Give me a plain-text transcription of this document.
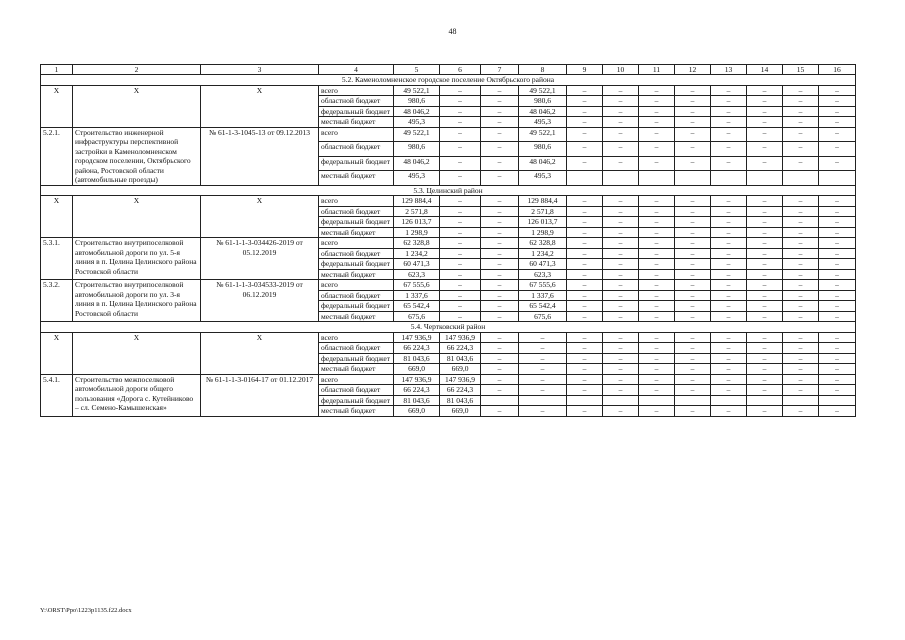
48
1	2	3	4	5	6	7	8	9	10	11	12	13	14	15	16
5.2. Каменоломненское городское поселение Октябрьского района															
X	X	X	всего	49 522,1	–	–	49 522,1	–	–	–	–	–	–	–	–
			областной бюджет	980,6	–	–	980,6	–	–	–	–	–	–	–	–
			федеральный бюджет	48 046,2	–	–	48 046,2	–	–	–	–	–	–	–	–
			местный бюджет	495,3	–	–	495,3	–	–	–	–	–	–	–	–
5.2.1.	Строительство инженерной инфраструктуры перспективной застройки в Каменоломненском городском поселении, Октябрьского района, Ростовской области (автомобильные проезды)	№ 61-1-3-1045-13 от 09.12.2013	всего	49 522,1	–	–	49 522,1	–	–	–	–	–	–	–	–
			областной бюджет	980,6	–	–	980,6	–	–	–	–	–	–	–	–
			федеральный бюджет	48 046,2	–	–	48 046,2	–	–	–	–	–	–	–	–
			местный бюджет	495,3	–	–	495,3								
5.3. Целинский район															
X	X	X	всего	129 884,4	–	–	129 884,4	–	–	–	–	–	–	–	–
			областной бюджет	2 571,8	–	–	2 571,8	–	–	–	–	–	–	–	–
			федеральный бюджет	126 013,7	–	–	126 013,7	–	–	–	–	–	–	–	–
			местный бюджет	1 298,9	–	–	1 298,9	–	–	–	–	–	–	–	–
5.3.1.	Строительство внутрипоселковой автомобильной дороги по ул. 5-я линия в п. Целина Целинского района Ростовской области	№ 61-1-1-3-034426-2019 от 05.12.2019	всего	62 328,8	–	–	62 328,8	–	–	–	–	–	–	–	–
			областной бюджет	1 234,2	–	–	1 234,2	–	–	–	–	–	–	–	–
			федеральный бюджет	60 471,3	–	–	60 471,3	–	–	–	–	–	–	–	–
			местный бюджет	623,3	–	–	623,3	–	–	–	–	–	–	–	–
5.3.2.	Строительство внутрипоселковой автомобильной дороги по ул. 3-я линия в п. Целина Целинского района Ростовской области	№ 61-1-1-3-034533-2019 от 06.12.2019	всего	67 555,6	–	–	67 555,6	–	–	–	–	–	–	–	–
			областной бюджет	1 337,6	–	–	1 337,6	–	–	–	–	–	–	–	–
			федеральный бюджет	65 542,4	–	–	65 542,4	–	–	–	–	–	–	–	–
			местный бюджет	675,6	–	–	675,6	–	–	–	–	–	–	–	–
5.4. Чертковский район															
X	X	X	всего	147 936,9	147 936,9	–	–	–	–	–	–	–	–	–	–
			областной бюджет	66 224,3	66 224,3	–	–	–	–	–	–	–	–	–	–
			федеральный бюджет	81 043,6	81 043,6	–	–	–	–	–	–	–	–	–	–
			местный бюджет	669,0	669,0	–	–	–	–	–	–	–	–	–	–
5.4.1.	Строительство межпоселковой автомобильной дороги общего пользования «Дорога с. Кутейниково – сл. Семено-Камышенская»	№ 61-1-1-3-0164-17 от 01.12.2017	всего	147 936,9	147 936,9	–	–	–	–	–	–	–	–	–	–
			областной бюджет	66 224,3	66 224,3	–	–	–	–	–	–	–	–	–	–
			федеральный бюджет	81 043,6	81 043,6										
			местный бюджет	669,0	669,0	–	–	–	–	–	–	–	–	–	–
Y:\ORST\Ppo\1223p1135.f22.docx
